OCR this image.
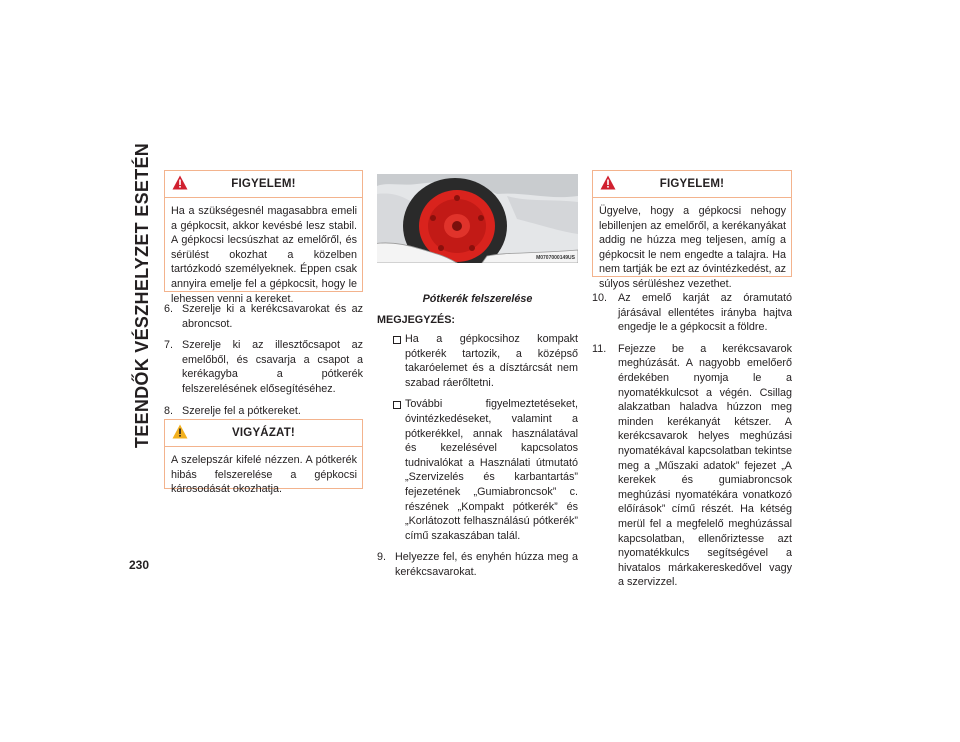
TEENDŐK VÉSZHELYZET ESETÉN
230
FIGYELEM!
Ha a szükségesnél magasabbra emeli a gépkocsit, akkor kevésbé lesz stabil. A gépkocsi lecsúszhat az emelőről, és sérülést okozhat a közelben tartózkodó személyeknek. Éppen csak annyira emelje fel a gépkocsit, hogy le lehessen venni a kereket.
6. Szerelje ki a kerékcsavarokat és az abroncsot.
7. Szerelje ki az illesztőcsapot az emelőből, és csavarja a csapot a kerékagyba a pótkerék felszerelésének elősegítéséhez.
8. Szerelje fel a pótkereket.
VIGYÁZAT!
A szelepszár kifelé nézzen. A pótkerék hibás felszerelése a gépkocsi károsodását okozhatja.
M0707000149US
Pótkerék felszerelése
MEGJEGYZÉS:
Ha a gépkocsihoz kompakt pótkerék tartozik, a középső takaróelemet és a dísztárcsát nem szabad ráerőltetni.
További figyelmeztetéseket, óvintézkedéseket, valamint a pótkerékkel, annak használatával és kezelésével kapcsolatos tudnivalókat a Használati útmutató „Szervizelés és karbantartás” fejezetének „Gumiabroncsok” c. részének „Kompakt pótkerék” és „Korlátozott felhasználású pótkerék” című szakaszában talál.
9. Helyezze fel, és enyhén húzza meg a kerékcsavarokat.
FIGYELEM!
Ügyelve, hogy a gépkocsi nehogy lebillenjen az emelőről, a kerékanyákat addig ne húzza meg teljesen, amíg a gépkocsit le nem engedte a talajra. Ha nem tartják be ezt az óvintézkedést, az súlyos sérüléshez vezethet.
10. Az emelő karját az óramutató járásával ellentétes irányba hajtva engedje le a gépkocsit a földre.
11. Fejezze be a kerékcsavarok meghúzását. A nagyobb emelőerő érdekében nyomja le a nyomatékkulcsot a végén. Csillag alakzatban haladva húzzon meg minden kerékanyát kétszer. A kerékcsavarok helyes meghúzási nyomatékával kapcsolatban tekintse meg a „Műszaki adatok” fejezet „A kerekek és gumiabroncsok meghúzási nyomatékára vonatkozó előírások” című részét. Ha kétség merül fel a megfelelő meghúzással kapcsolatban, ellenőriztesse azt nyomatékkulcs segítségével a hivatalos márkakereskedővel vagy a szervizzel.
